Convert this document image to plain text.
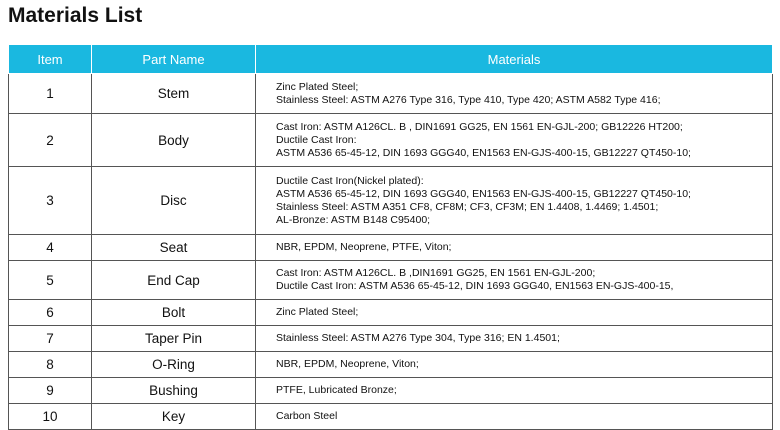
Materials List
Item	Part Name	Materials
1	Stem	Zinc Plated Steel;
Stainless Steel: ASTM A276 Type 316, Type 410, Type 420; ASTM A582 Type 416;

2	Body	Cast Iron: ASTM A126CL. B , DIN1691 GG25, EN 1561 EN-GJL-200; GB12226 HT200;
Ductile Cast Iron:
ASTM A536 65-45-12, DIN 1693 GGG40, EN1563 EN-GJS-400-15, GB12227 QT450-10;

3	Disc	Ductile Cast Iron(Nickel plated):
ASTM A536 65-45-12, DIN 1693 GGG40, EN1563 EN-GJS-400-15, GB12227 QT450-10;
Stainless Steel: ASTM A351 CF8, CF8M; CF3, CF3M; EN 1.4408, 1.4469; 1.4501;
AL-Bronze: ASTM B148 C95400;

4	Seat	NBR, EPDM, Neoprene, PTFE, Viton;

5	End Cap	Cast Iron: ASTM A126CL. B ,DIN1691 GG25, EN 1561 EN-GJL-200;
Ductile Cast Iron: ASTM A536 65-45-12, DIN 1693 GGG40, EN1563 EN-GJS-400-15,

6	Bolt	Zinc Plated Steel;

7	Taper Pin	Stainless Steel: ASTM A276 Type 304, Type 316; EN 1.4501;

8	O-Ring	NBR, EPDM, Neoprene, Viton;

9	Bushing	PTFE, Lubricated Bronze;

10	Key	Carbon Steel
